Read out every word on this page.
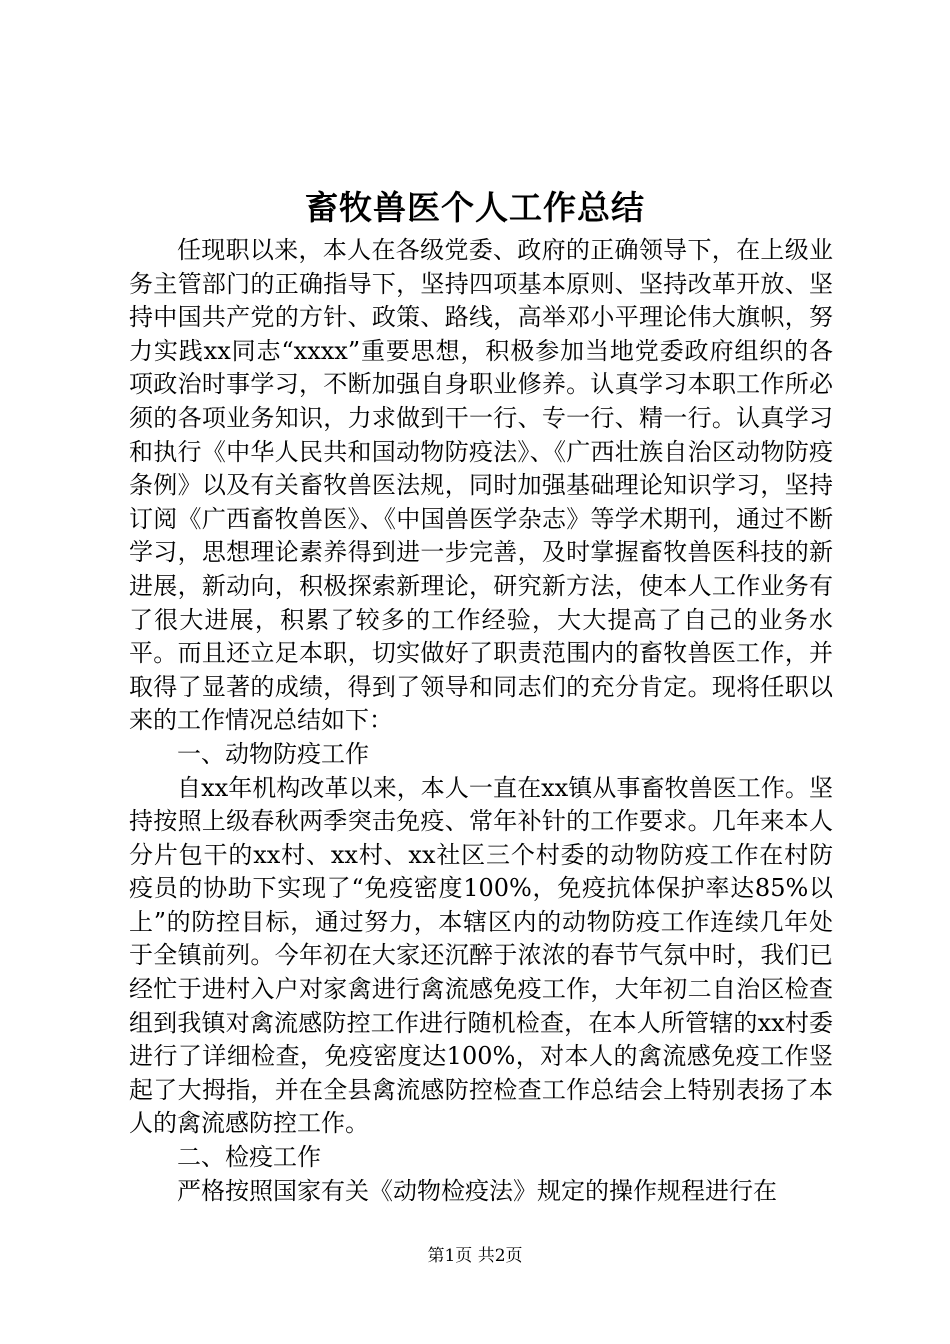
畜牧兽医个人工作总结

任现职以来，本人在各级党委、政府的正确领导下，在上级业务主管部门的正确指导下，坚持四项基本原则、坚持改革开放、坚持中国共产党的方针、政策、路线，高举邓小平理论伟大旗帜，努力实践xx同志“xxxx”重要思想，积极参加当地党委政府组织的各项政治时事学习，不断加强自身职业修养。认真学习本职工作所必须的各项业务知识，力求做到干一行、专一行、精一行。认真学习和执行《中华人民共和国动物防疫法》、《广西壮族自治区动物防疫条例》以及有关畜牧兽医法规，同时加强基础理论知识学习，坚持订阅《广西畜牧兽医》、《中国兽医学杂志》等学术期刊，通过不断学习，思想理论素养得到进一步完善，及时掌握畜牧兽医科技的新进展，新动向，积极探索新理论，研究新方法，使本人工作业务有了很大进展，积累了较多的工作经验，大大提高了自己的业务水平。而且还立足本职，切实做好了职责范围内的畜牧兽医工作，并取得了显著的成绩，得到了领导和同志们的充分肯定。现将任职以来的工作情况总结如下：

一、动物防疫工作

自xx年机构改革以来，本人一直在xx镇从事畜牧兽医工作。坚持按照上级春秋两季突击免疫、常年补针的工作要求。几年来本人分片包干的xx村、xx村、xx社区三个村委的动物防疫工作在村防疫员的协助下实现了“免疫密度100%，免疫抗体保护率达85%以上”的防控目标，通过努力，本辖区内的动物防疫工作连续几年处于全镇前列。今年初在大家还沉醉于浓浓的春节气氛中时，我们已经忙于进村入户对家禽进行禽流感免疫工作，大年初二自治区检查组到我镇对禽流感防控工作进行随机检查，在本人所管辖的xx村委进行了详细检查，免疫密度达100%，对本人的禽流感免疫工作竖起了大拇指，并在全县禽流感防控检查工作总结会上特别表扬了本人的禽流感防控工作。

二、检疫工作

严格按照国家有关《动物检疫法》规定的操作规程进行在

第1页 共2页
